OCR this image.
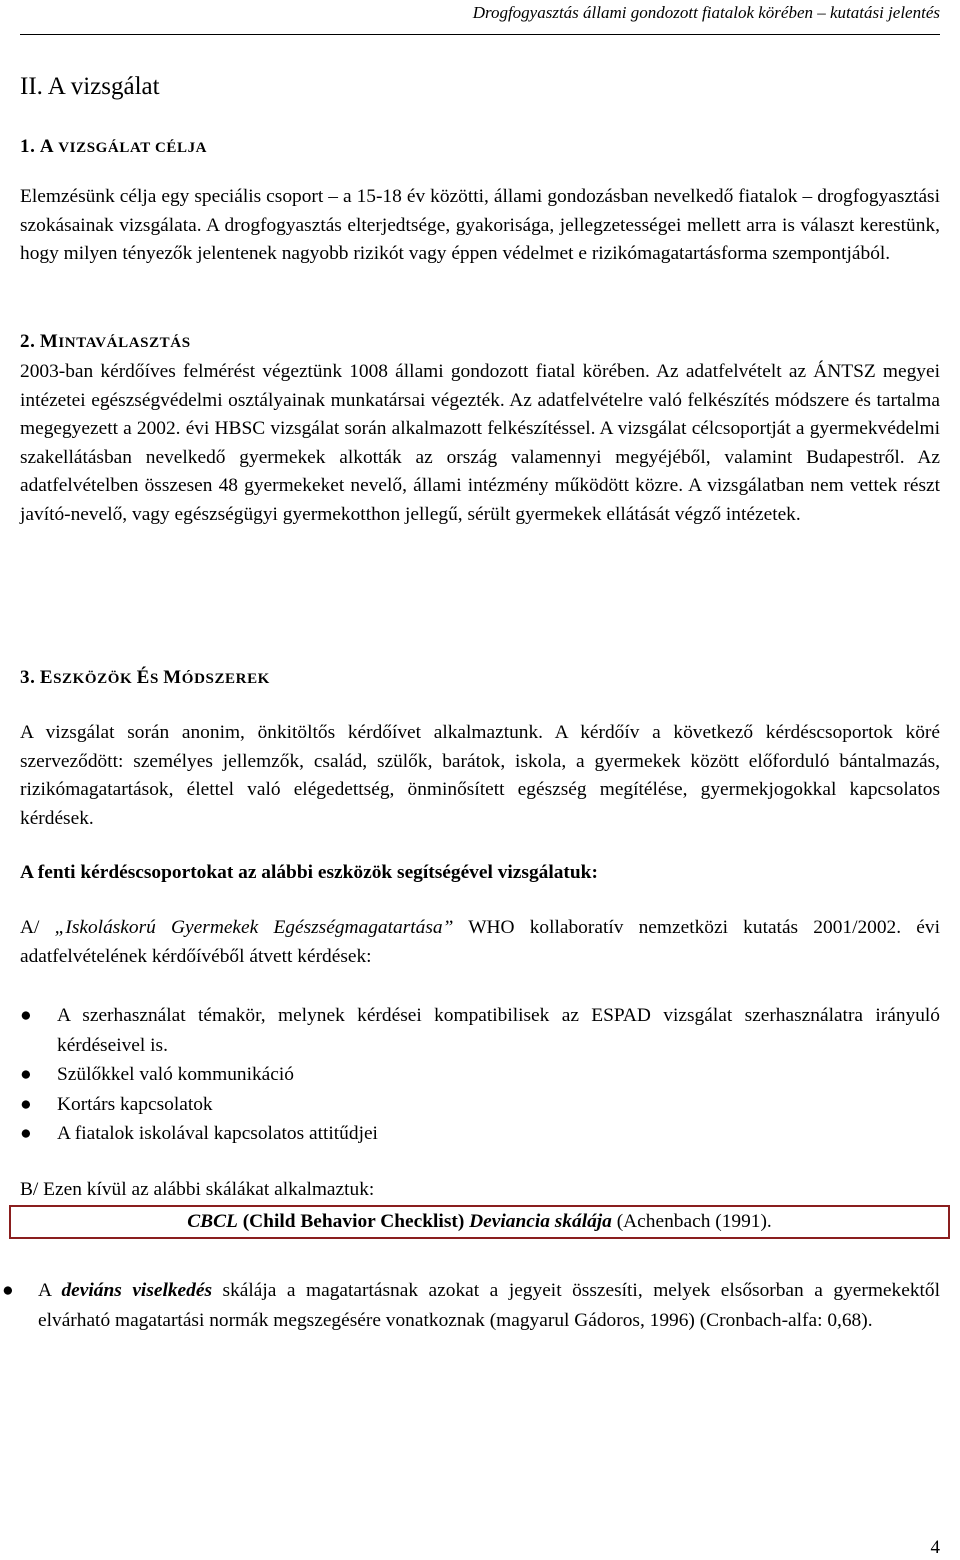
Drogfogyasztás állami gondozott fiatalok körében – kutatási jelentés
II. A vizsgálat
1. A VIZSGÁLAT CÉLJA
Elemzésünk célja egy speciális csoport – a 15-18 év közötti, állami gondozásban nevelkedő fiatalok – drogfogyasztási szokásainak vizsgálata. A drogfogyasztás elterjedtsége, gyakorisága, jellegzetességei mellett arra is választ kerestünk, hogy milyen tényezők jelentenek nagyobb rizikót vagy éppen védelmet e rizikómagatartásforma szempontjából.
2. MINTAVÁLASZTÁS
2003-ban kérdőíves felmérést végeztünk 1008 állami gondozott fiatal körében. Az adatfelvételt az ÁNTSZ megyei intézetei egészségvédelmi osztályainak munkatársai végezték. Az adatfelvételre való felkészítés módszere és tartalma megegyezett a 2002. évi HBSC vizsgálat során alkalmazott felkészítéssel. A vizsgálat célcsoportját a gyermekvédelmi szakellátásban nevelkedő gyermekek alkották az ország valamennyi megyéjéből, valamint Budapestről. Az adatfelvételben összesen 48 gyermekeket nevelő, állami intézmény működött közre. A vizsgálatban nem vettek részt javító-nevelő, vagy egészségügyi gyermekotthon jellegű, sérült gyermekek ellátását végző intézetek.
3. ESZKÖZÖK ÉS MÓDSZEREK
A vizsgálat során anonim, önkitöltős kérdőívet alkalmaztunk. A kérdőív a következő kérdéscsoportok köré szerveződött: személyes jellemzők, család, szülők, barátok, iskola, a gyermekek között előforduló bántalmazás, rizikómagatartások, élettel való elégedettség, önminősített egészség megítélése, gyermekjogokkal kapcsolatos kérdések.
A fenti kérdéscsoportokat az alábbi eszközök segítségével vizsgálatuk:
A/ „Iskoláskorú Gyermekek Egészségmagatartása” WHO kollaboratív nemzetközi kutatás 2001/2002. évi adatfelvételének kérdőívéből átvett kérdések:
● A szerhasználat témakör, melynek kérdései kompatibilisek az ESPAD vizsgálat szerhasználatra irányuló kérdéseivel is.
● Szülőkkel való kommunikáció
● Kortárs kapcsolatok
● A fiatalok iskolával kapcsolatos attitűdjei
B/ Ezen kívül az alábbi skálákat alkalmaztuk:
CBCL (Child Behavior Checklist) Deviancia skálája (Achenbach (1991).
● A deviáns viselkedés skálája a magatartásnak azokat a jegyeit összesíti, melyek elsősorban a gyermekektől elvárható magatartási normák megszegésére vonatkoznak (magyarul Gádoros, 1996) (Cronbach-alfa: 0,68).
4
